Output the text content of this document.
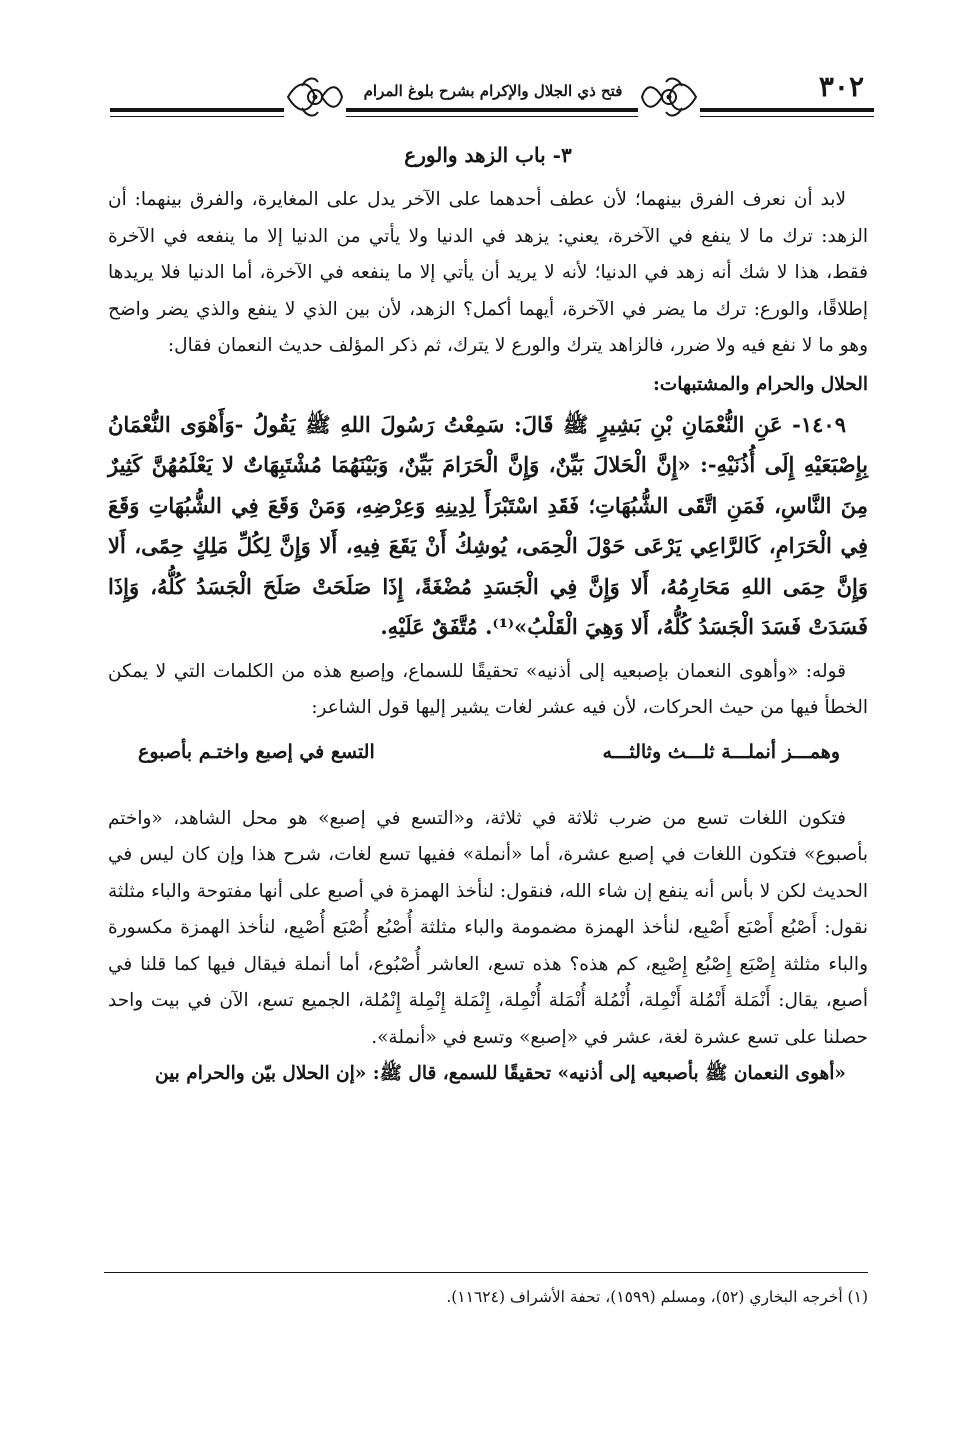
فتح ذي الجلال والإكرام بشرح بلوغ المرام	٣٠٢
٣- باب الزهد والورع

لابد أن نعرف الفرق بينهما؛ لأن عطف أحدهما على الآخر يدل على المغايرة، والفرق بينهما: أن الزهد: ترك ما لا ينفع في الآخرة، يعني: يزهد في الدنيا ولا يأتي من الدنيا إلا ما ينفعه في الآخرة فقط، هذا لا شك أنه زهد في الدنيا؛ لأنه لا يريد أن يأتي إلا ما ينفعه في الآخرة، أما الدنيا فلا يريدها إطلاقًا، والورع: ترك ما يضر في الآخرة، أيهما أكمل؟ الزهد، لأن بين الذي لا ينفع والذي يضر واضح وهو ما لا نفع فيه ولا ضرر، فالزاهد يترك والورع لا يترك، ثم ذكر المؤلف حديث النعمان فقال:

الحلال والحرام والمشتبهات:

١٤٠٩- عَنِ النُّعْمَانِ بْنِ بَشِيرٍ ﷺ قَالَ: سَمِعْتُ رَسُولَ اللهِ ﷺ يَقُولُ -وَأَهْوَى النُّعْمَانُ بِإِصْبَعَيْهِ إِلَى أُذُنَيْهِ-: «إِنَّ الْحَلالَ بَيِّنٌ، وَإِنَّ الْحَرَامَ بَيِّنٌ، وَبَيْنَهُمَا مُشْتَبِهَاتٌ لا يَعْلَمُهُنَّ كَثِيرٌ مِنَ النَّاسِ، فَمَنِ اتَّقَى الشُّبُهَاتِ؛ فَقَدِ اسْتَبْرَأَ لِدِينِهِ وَعِرْضِهِ، وَمَنْ وَقَعَ فِي الشُّبُهَاتِ وَقَعَ فِي الْحَرَامِ، كَالرَّاعِي يَرْعَى حَوْلَ الْحِمَى، يُوشِكُ أَنْ يَقَعَ فِيهِ، أَلا وَإِنَّ لِكُلِّ مَلِكٍ حِمًى، أَلا وَإِنَّ حِمَى اللهِ مَحَارِمُهُ، أَلا وَإِنَّ فِي الْجَسَدِ مُضْغَةً، إِذَا صَلَحَتْ صَلَحَ الْجَسَدُ كُلُّهُ، وَإِذَا فَسَدَتْ فَسَدَ الْجَسَدُ كُلُّهُ، أَلا وَهِيَ الْقَلْبُ»⁽¹⁾. مُتَّفَقٌ عَلَيْهِ.

قوله: «وأهوى النعمان بإصبعيه إلى أذنيه» تحقيقًا للسماع، وإصبع هذه من الكلمات التي لا يمكن الخطأ فيها من حيث الحركات، لأن فيه عشر لغات يشير إليها قول الشاعر:

وهمـــز أنملـــة ثلـــث وثالثـــه
التسع في إصبع واختـم بأصبوع

فتكون اللغات تسع من ضرب ثلاثة في ثلاثة، و«التسع في إصبع» هو محل الشاهد، «واختم بأصبوع» فتكون اللغات في إصبع عشرة، أما «أنملة» ففيها تسع لغات، شرح هذا وإن كان ليس في الحديث لكن لا بأس أنه ينفع إن شاء الله، فنقول: لنأخذ الهمزة في أصبع على أنها مفتوحة والباء مثلثة نقول: أَصْبُع أَصْبَع أَصْبِع، لنأخذ الهمزة مضمومة والباء مثلثة أُصْبُع أُصْبَع أُصْبِع، لنأخذ الهمزة مكسورة والباء مثلثة إِصْبَع إِصْبُع إِصْبِع، كم هذه؟ هذه تسع، العاشر أُصْبُوع، أما أنملة فيقال فيها كما قلنا في أصبع، يقال: أَنْمَلة أَنْمُلة أَنْمِلة، أُنْمُلة أُنْمَلة أُنْمِلة، إِنْمَلة إِنْمِلة إِنْمُلة، الجميع تسع، الآن في بيت واحد حصلنا على تسع عشرة لغة، عشر في «إصبع» وتسع في «أنملة».

«أهوى النعمان ﷺ بأصبعيه إلى أذنيه» تحقيقًا للسمع، قال ﷺ: «إن الحلال بيّن والحرام بين

(١) أخرجه البخاري (٥٢)، ومسلم (١٥٩٩)، تحفة الأشراف (١١٦٢٤).
